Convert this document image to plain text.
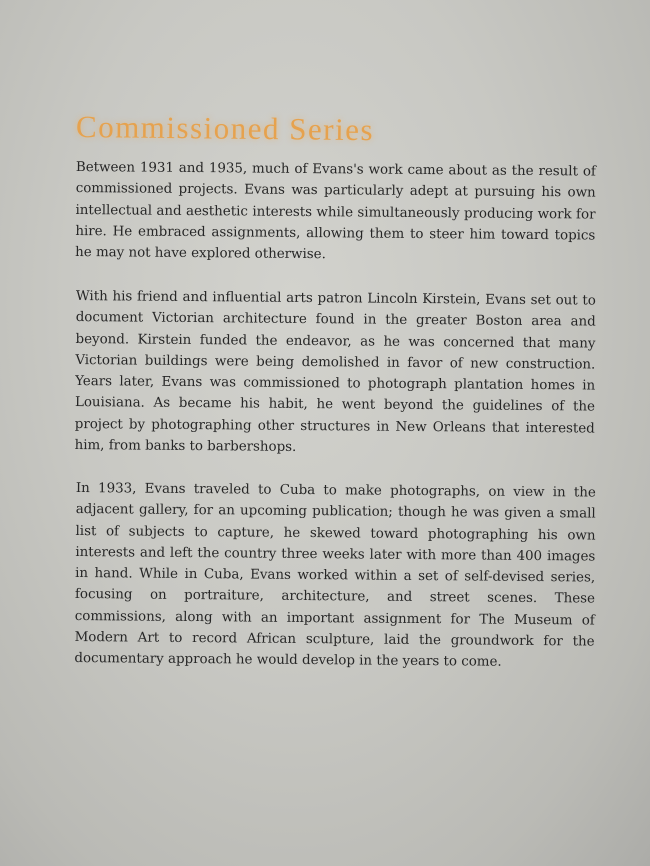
Commissioned Series

Between 1931 and 1935, much of Evans's work came about as the result of commissioned projects. Evans was particularly adept at pursuing his own intellectual and aesthetic interests while simultaneously producing work for hire. He embraced assignments, allowing them to steer him toward topics he may not have explored otherwise.

With his friend and influential arts patron Lincoln Kirstein, Evans set out to document Victorian architecture found in the greater Boston area and beyond. Kirstein funded the endeavor, as he was concerned that many Victorian buildings were being demolished in favor of new construction. Years later, Evans was commissioned to photograph plantation homes in Louisiana. As became his habit, he went beyond the guidelines of the project by photographing other structures in New Orleans that interested him, from banks to barbershops.

In 1933, Evans traveled to Cuba to make photographs, on view in the adjacent gallery, for an upcoming publication; though he was given a small list of subjects to capture, he skewed toward photographing his own interests and left the country three weeks later with more than 400 images in hand. While in Cuba, Evans worked within a set of self-devised series, focusing on portraiture, architecture, and street scenes. These commissions, along with an important assignment for The Museum of Modern Art to record African sculpture, laid the groundwork for the documentary approach he would develop in the years to come.
